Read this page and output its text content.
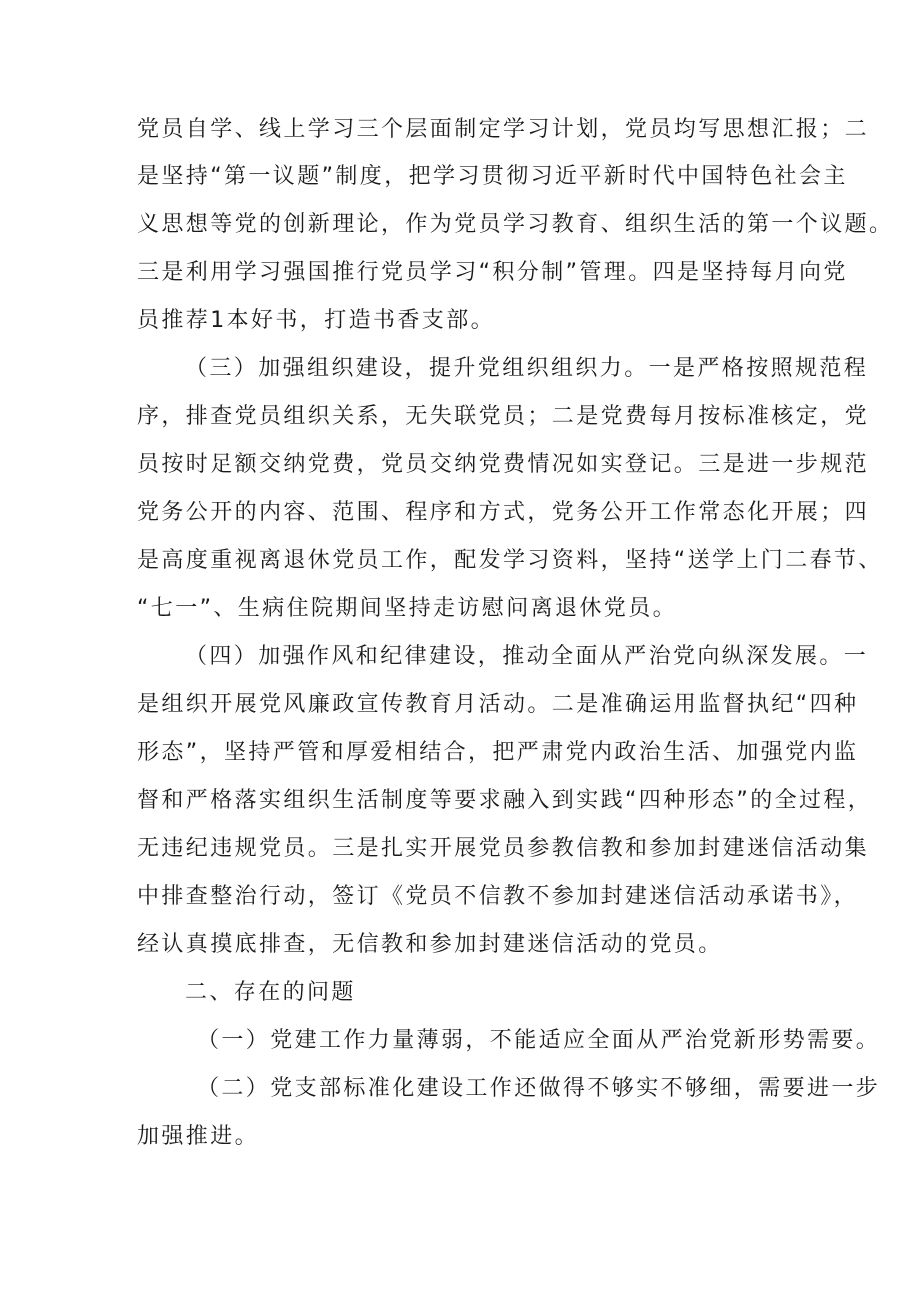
党员自学、线上学习三个层面制定学习计划，党员均写思想汇报；二
是坚持“第一议题”制度，把学习贯彻习近平新时代中国特色社会主
义思想等党的创新理论，作为党员学习教育、组织生活的第一个议题。
三是利用学习强国推行党员学习“积分制”管理。四是坚持每月向党
员推荐1本好书，打造书香支部。
（三）加强组织建设，提升党组织组织力。一是严格按照规范程
序，排查党员组织关系，无失联党员；二是党费每月按标准核定，党
员按时足额交纳党费，党员交纳党费情况如实登记。三是进一步规范
党务公开的内容、范围、程序和方式，党务公开工作常态化开展；四
是高度重视离退休党员工作，配发学习资料，坚持“送学上门二春节、
“七一”、生病住院期间坚持走访慰问离退休党员。
（四）加强作风和纪律建设，推动全面从严治党向纵深发展。一
是组织开展党风廉政宣传教育月活动。二是准确运用监督执纪“四种
形态”，坚持严管和厚爱相结合，把严肃党内政治生活、加强党内监
督和严格落实组织生活制度等要求融入到实践“四种形态”的全过程，
无违纪违规党员。三是扎实开展党员参教信教和参加封建迷信活动集
中排查整治行动，签订《党员不信教不参加封建迷信活动承诺书》，
经认真摸底排查，无信教和参加封建迷信活动的党员。
二、存在的问题
（一）党建工作力量薄弱，不能适应全面从严治党新形势需要。
（二）党支部标准化建设工作还做得不够实不够细，需要进一步
加强推进。
